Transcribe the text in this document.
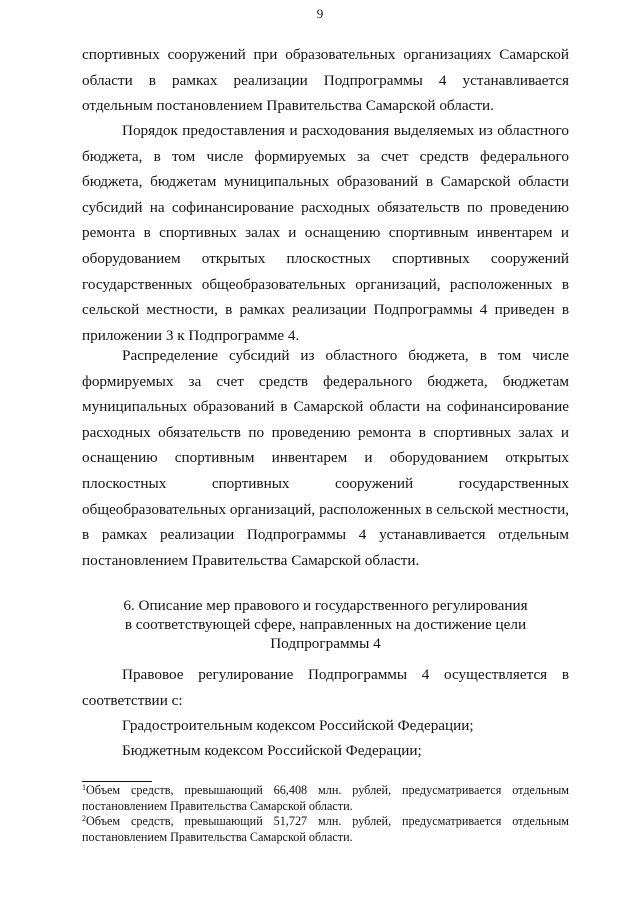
9

спортивных сооружений при образовательных организациях Самарской области в рамках реализации Подпрограммы 4 устанавливается отдельным постановлением Правительства Самарской области.

Порядок предоставления и расходования выделяемых из областного бюджета, в том числе формируемых за счет средств федерального бюджета, бюджетам муниципальных образований в Самарской области субсидий на софинансирование расходных обязательств по проведению ремонта в спортивных залах и оснащению спортивным инвентарем и оборудованием открытых плоскостных спортивных сооружений государственных общеобразовательных организаций, расположенных в сельской местности, в рамках реализации Подпрограммы 4 приведен в приложении 3 к Подпрограмме 4.

Распределение субсидий из областного бюджета, в том числе формируемых за счет средств федерального бюджета, бюджетам муниципальных образований в Самарской области на софинансирование расходных обязательств по проведению ремонта в спортивных залах и оснащению спортивным инвентарем и оборудованием открытых плоскостных спортивных сооружений государственных общеобразовательных организаций, расположенных в сельской местности, в рамках реализации Подпрограммы 4 устанавливается отдельным постановлением Правительства Самарской области.

6. Описание мер правового и государственного регулирования
в соответствующей сфере, направленных на достижение цели
Подпрограммы 4

Правовое регулирование Подпрограммы 4 осуществляется в соответствии с:

Градостроительным кодексом Российской Федерации;
Бюджетным кодексом Российской Федерации;

$^1$Объем средств, превышающий 66,408 млн. рублей, предусматривается отдельным постановлением Правительства Самарской области.

$^2$Объем средств, превышающий 51,727 млн. рублей, предусматривается отдельным постановлением Правительства Самарской области.
